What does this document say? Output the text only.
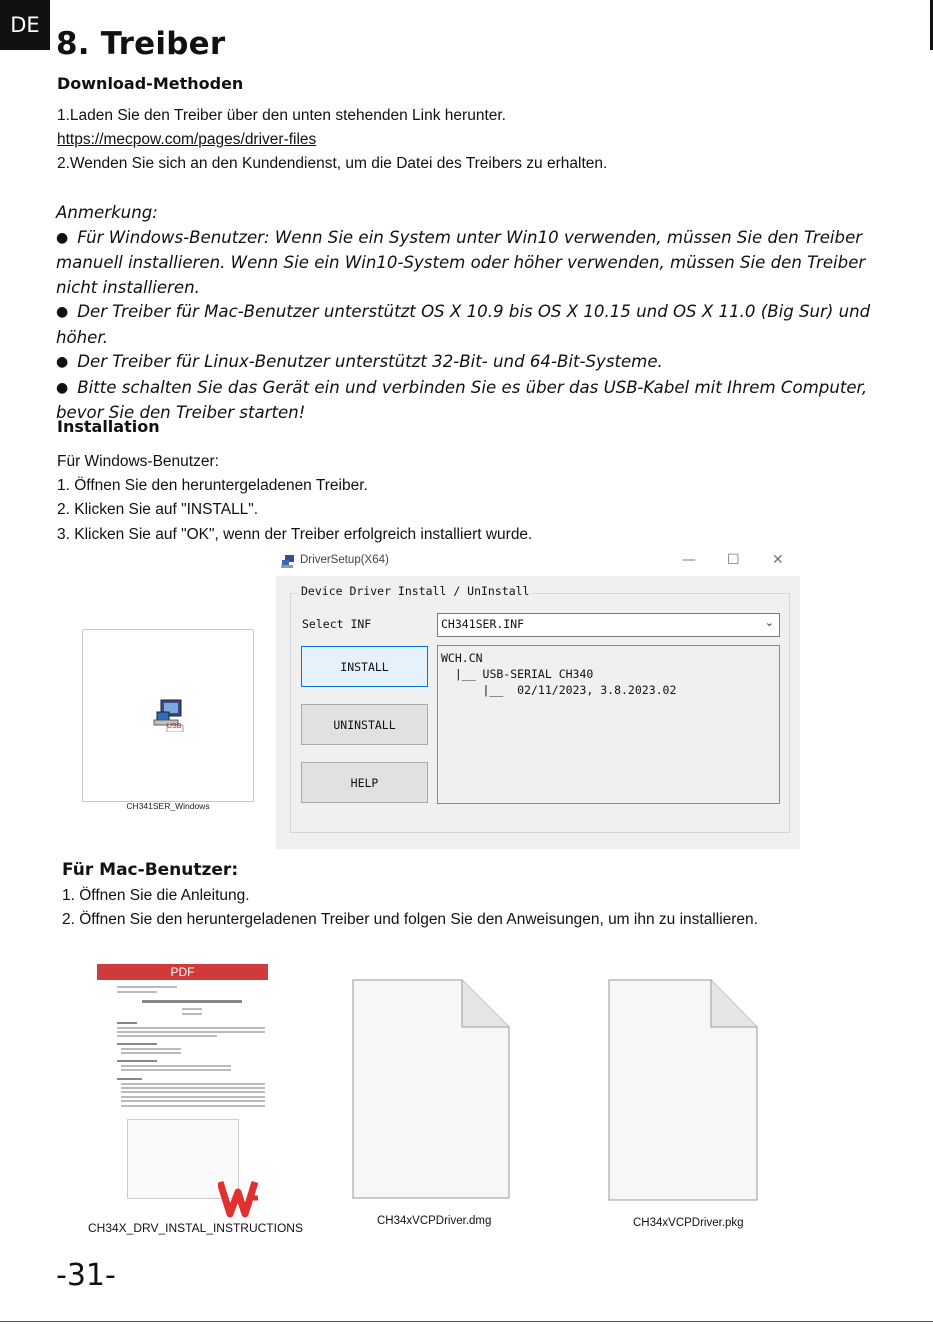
DE
8. Treiber
Download-Methoden
1.Laden Sie den Treiber über den unten stehenden Link herunter.
https://mecpow.com/pages/driver-files
2.Wenden Sie sich an den Kundendienst, um die Datei des Treibers zu erhalten.
Anmerkung:
● Für Windows-Benutzer: Wenn Sie ein System unter Win10 verwenden, müssen Sie den Treiber manuell installieren. Wenn Sie ein Win10-System oder höher verwenden, müssen Sie den Treiber nicht installieren.
● Der Treiber für Mac-Benutzer unterstützt OS X 10.9 bis OS X 10.15 und OS X 11.0 (Big Sur) und höher.
● Der Treiber für Linux-Benutzer unterstützt 32-Bit- und 64-Bit-Systeme.
● Bitte schalten Sie das Gerät ein und verbinden Sie es über das USB-Kabel mit Ihrem Computer, bevor Sie den Treiber starten!
Installation
Für Windows-Benutzer:
1. Öffnen Sie den heruntergeladenen Treiber.
2. Klicken Sie auf "INSTALL".
3. Klicken Sie auf "OK", wenn der Treiber erfolgreich installiert wurde.
USB
CH341SER_Windows
DriverSetup(X64)	— ☐ ✕
Device Driver Install / UnInstall
Select INF	CH341SER.INF	⌄
WCH.CN
|__ USB-SERIAL CH340
|__  02/11/2023, 3.8.2023.02
INSTALL
UNINSTALL
HELP
Für Mac-Benutzer:
1. Öffnen Sie die Anleitung.
2. Öffnen Sie den heruntergeladenen Treiber und folgen Sie den Anweisungen, um ihn zu installieren.
PDF
CH34X_DRV_INSTAL_INSTRUCTIONS	CH34xVCPDriver.dmg	CH34xVCPDriver.pkg
-31-
